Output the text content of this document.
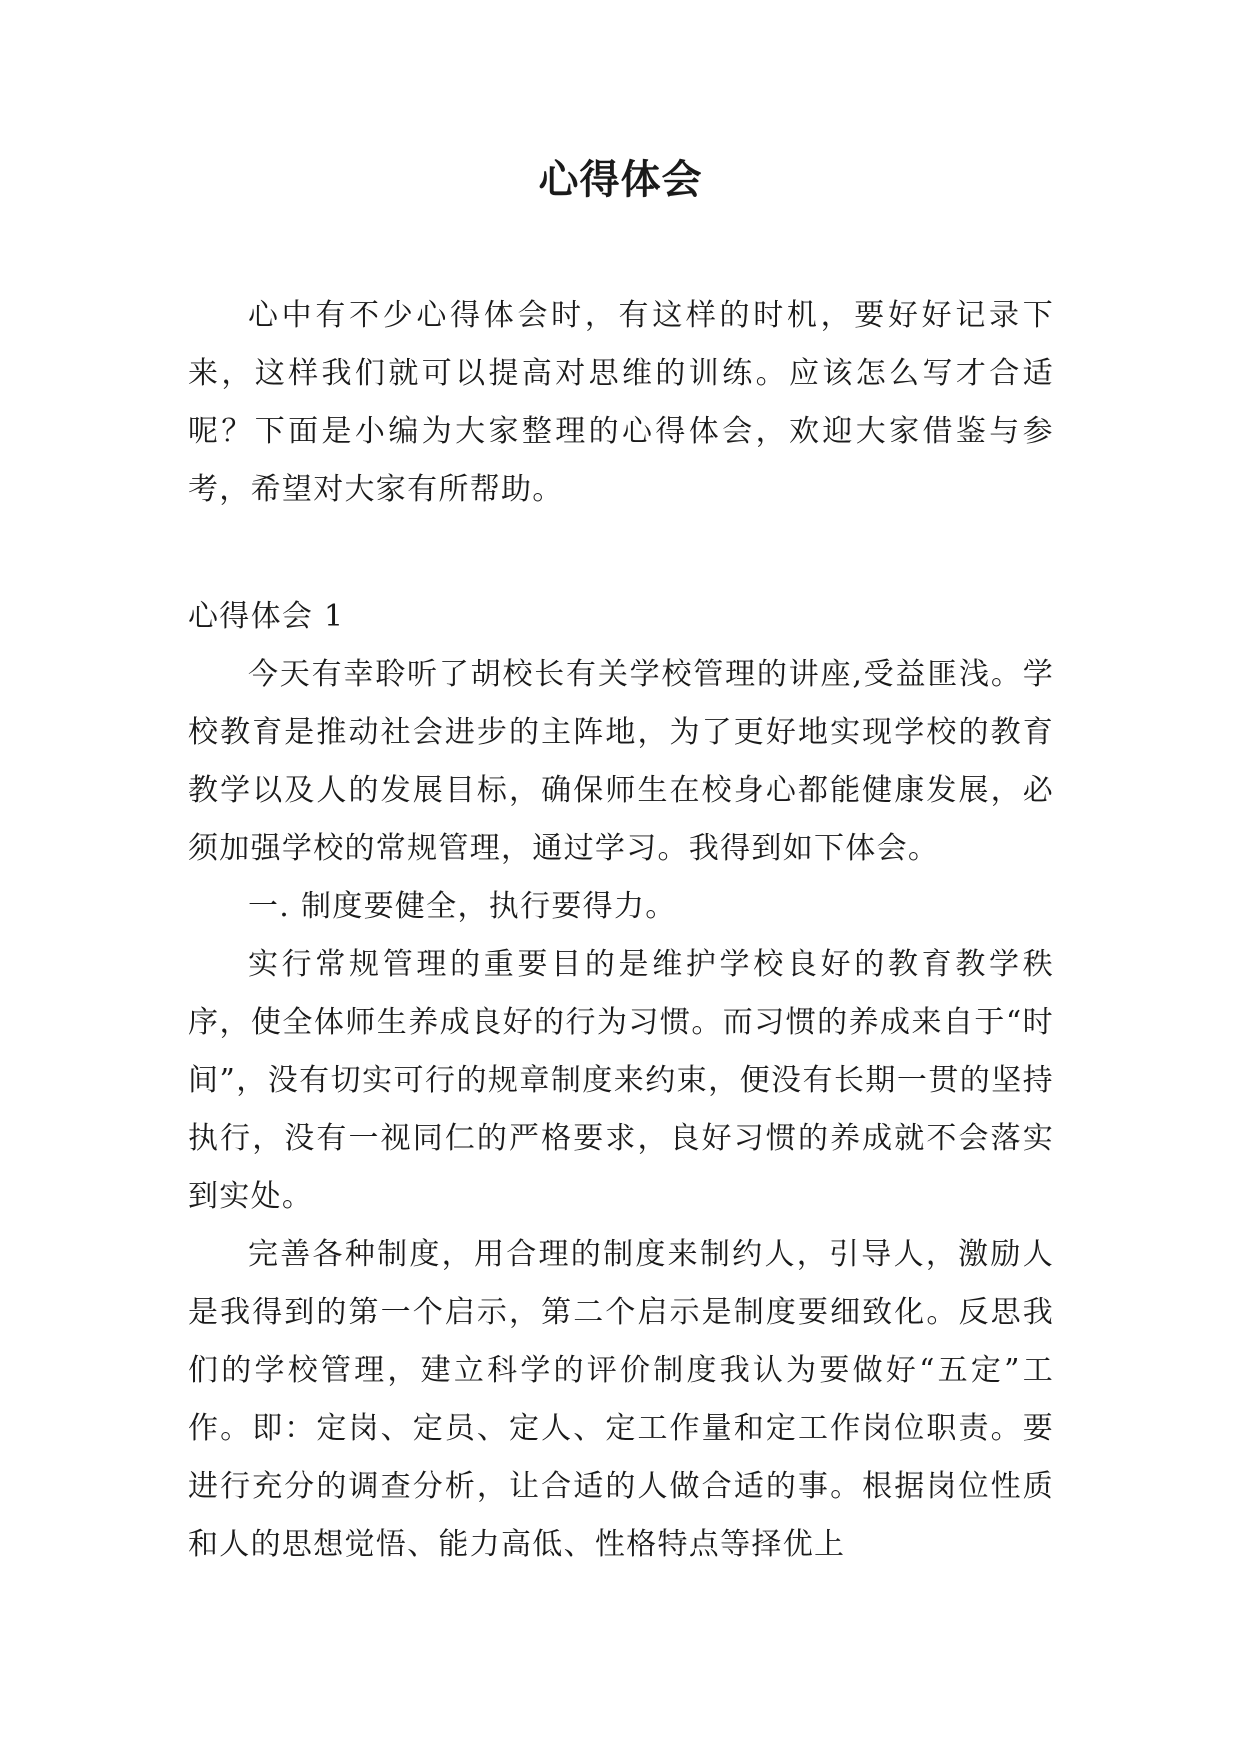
心得体会

心中有不少心得体会时，有这样的时机，要好好记录下来，这样我们就可以提高对思维的训练。应该怎么写才合适呢？下面是小编为大家整理的心得体会，欢迎大家借鉴与参考，希望对大家有所帮助。

心得体会 1

今天有幸聆听了胡校长有关学校管理的讲座,受益匪浅。学校教育是推动社会进步的主阵地，为了更好地实现学校的教育教学以及人的发展目标，确保师生在校身心都能健康发展，必须加强学校的常规管理，通过学习。我得到如下体会。

一. 制度要健全，执行要得力。

实行常规管理的重要目的是维护学校良好的教育教学秩序，使全体师生养成良好的行为习惯。而习惯的养成来自于“时间”，没有切实可行的规章制度来约束，便没有长期一贯的坚持执行，没有一视同仁的严格要求，良好习惯的养成就不会落实到实处。

完善各种制度，用合理的制度来制约人，引导人，激励人是我得到的第一个启示，第二个启示是制度要细致化。反思我们的学校管理，建立科学的评价制度我认为要做好“五定”工作。即：定岗、定员、定人、定工作量和定工作岗位职责。要进行充分的调查分析，让合适的人做合适的事。根据岗位性质和人的思想觉悟、能力高低、性格特点等择优上
